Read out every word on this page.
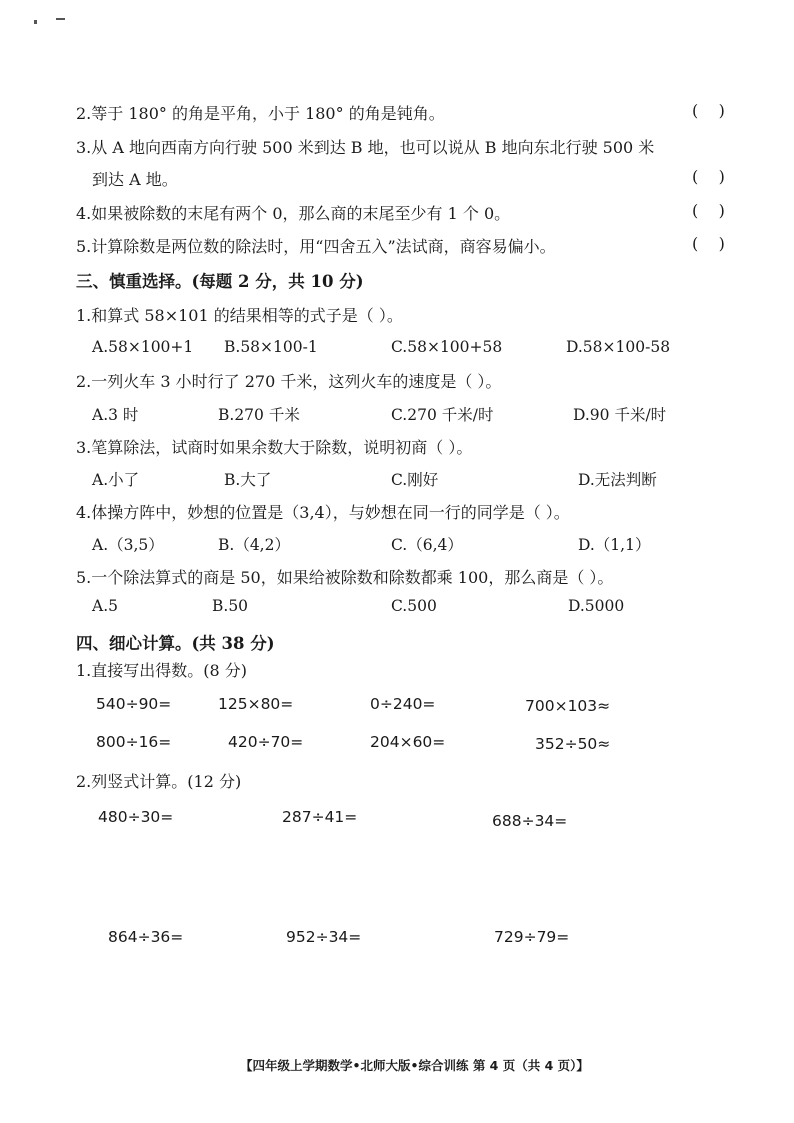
2.等于 180° 的角是平角，小于 180° 的角是钝角。	(    )
3.从 A 地向西南方向行驶 500 米到达 B 地，也可以说从 B 地向东北行驶 500 米
到达 A 地。	(    )
4.如果被除数的末尾有两个 0，那么商的末尾至少有 1 个 0。	(    )
5.计算除数是两位数的除法时，用“四舍五入”法试商，商容易偏小。	(    )
三、慎重选择。(每题 2 分，共 10 分)
1.和算式 58×101 的结果相等的式子是（ ）。
A.58×100+1 B.58×100-1	C.58×100+58	D.58×100-58
2.一列火车 3 小时行了 270 千米，这列火车的速度是（ ）。
A.3 时	B.270 千米	C.270 千米/时	D.90 千米/时
3.笔算除法，试商时如果余数大于除数，说明初商（ ）。
A.小了	B.大了	C.刚好	D.无法判断
4.体操方阵中，妙想的位置是（3,4），与妙想在同一行的同学是（ ）。
A.（3,5）	B.（4,2）	C.（6,4）	D.（1,1）
5.一个除法算式的商是 50，如果给被除数和除数都乘 100，那么商是（ ）。
A.5	B.50	C.500	D.5000
四、细心计算。(共 38 分)
1.直接写出得数。(8 分)
540÷90=	125×80=	0÷240=	700×103≈
800÷16=	420÷70=	204×60=	352÷50≈
2.列竖式计算。(12 分)
480÷30=	287÷41=	688÷34=
864÷36=	952÷34=	729÷79=
【四年级上学期数学•北师大版•综合训练 第 4 页（共 4 页）】
